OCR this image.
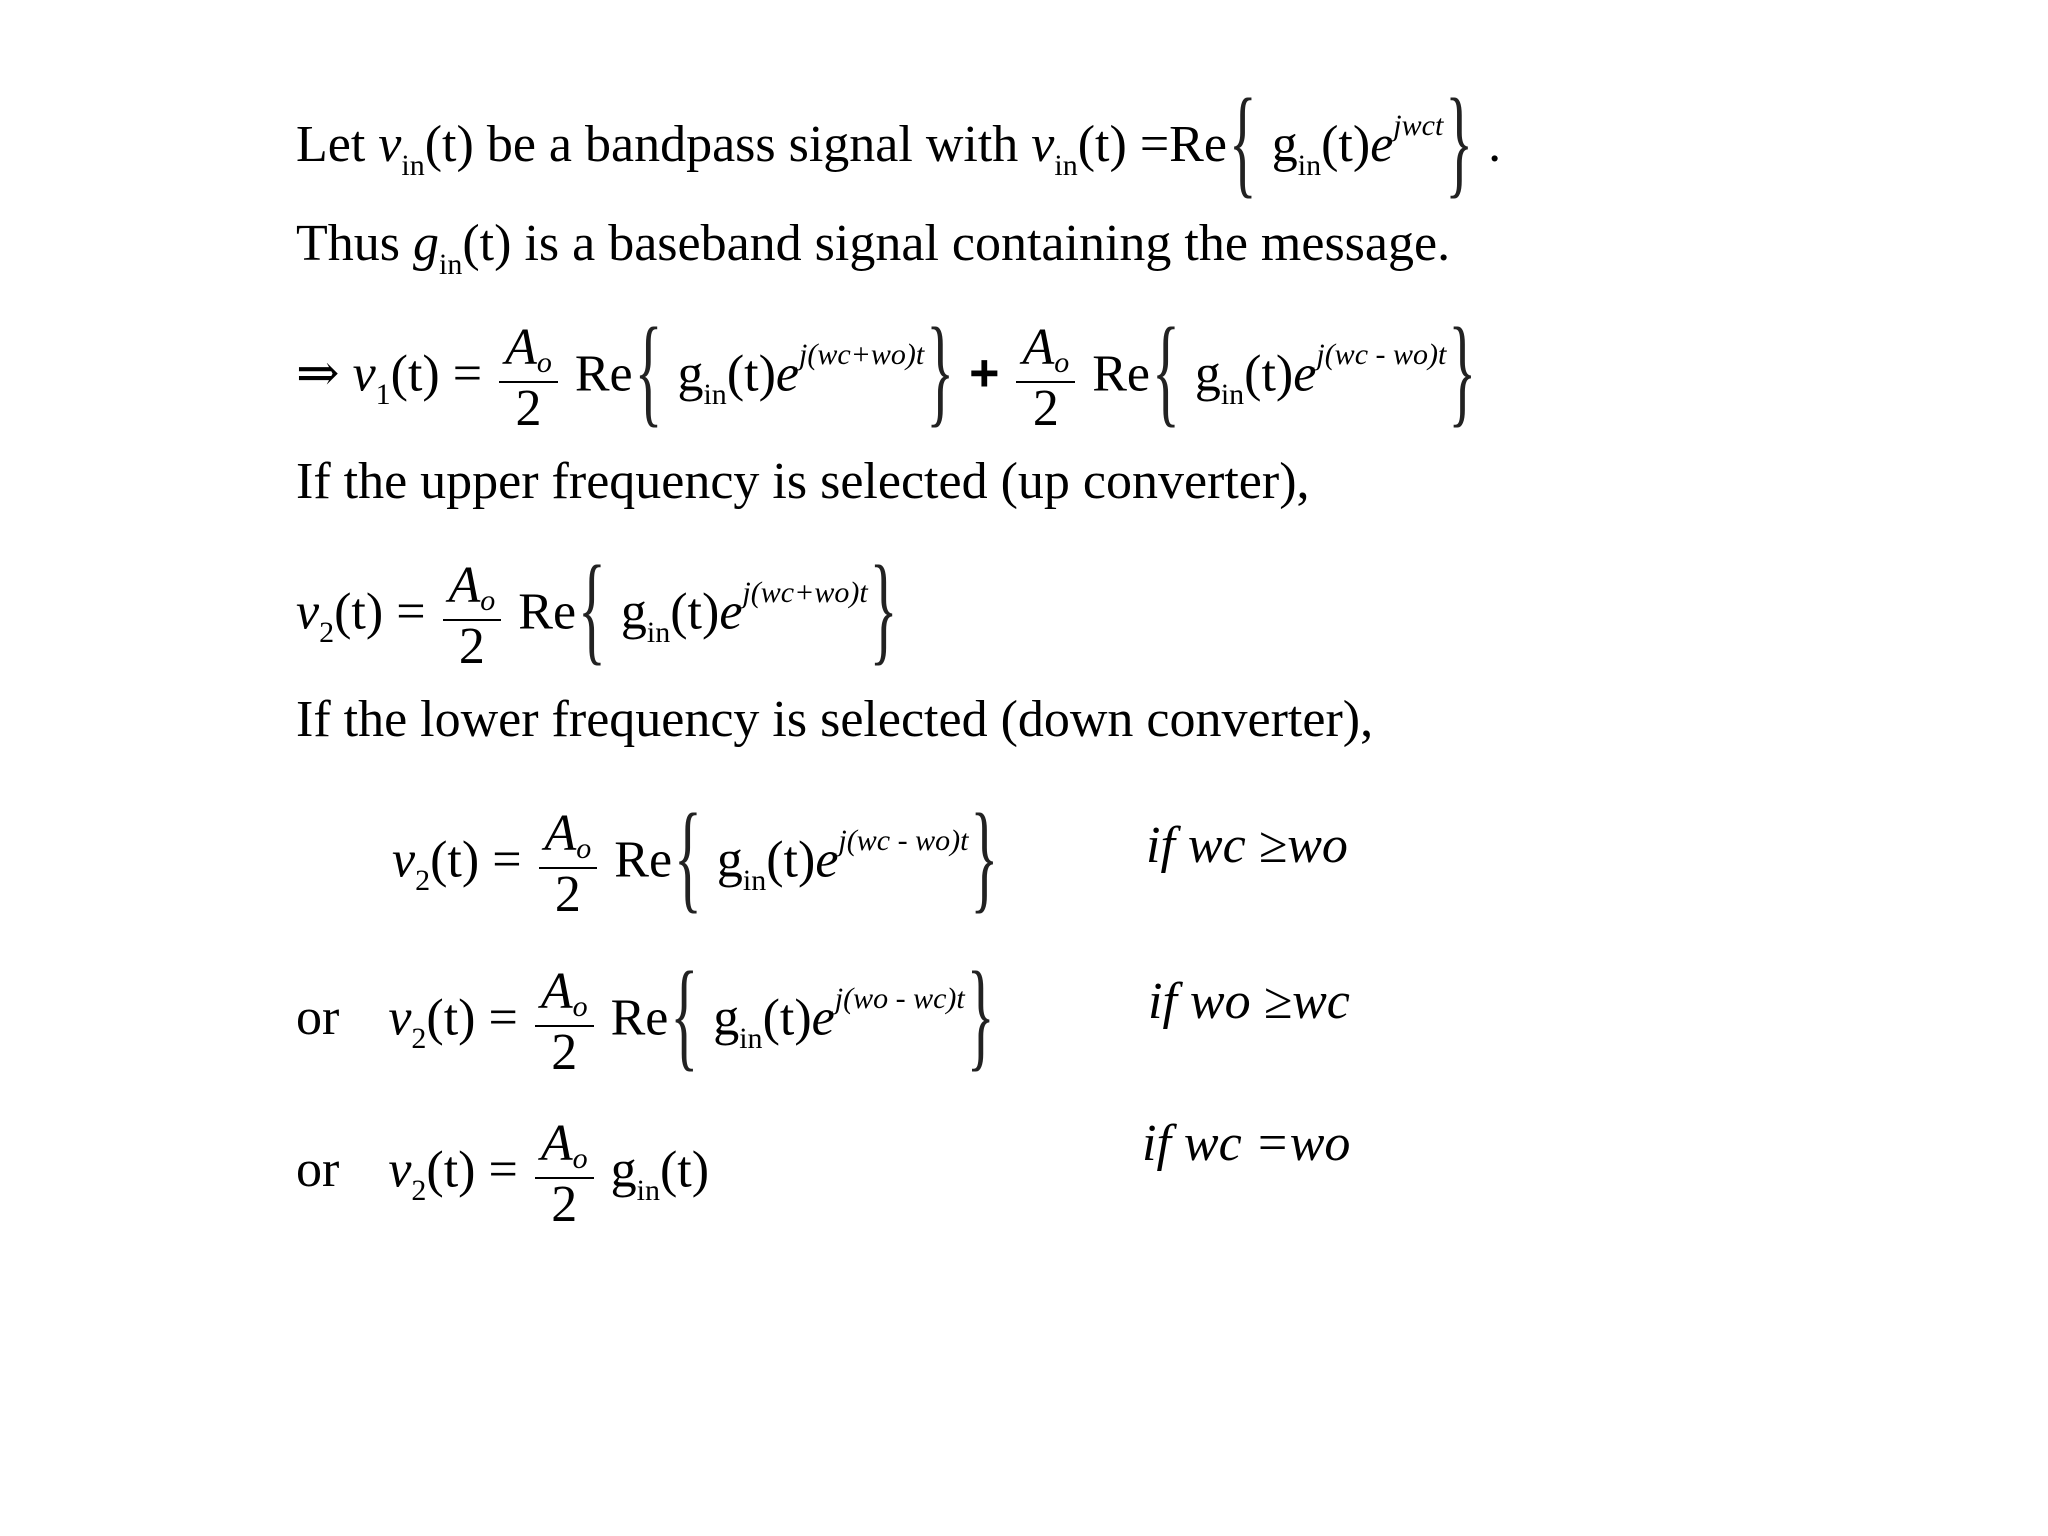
Let $v_{in}(t)$ be a bandpass signal with $v_{in}(t) =Re${ $g_{in}(t)e^{jwct}$} .
Thus $g_{in}(t)$ is a baseband signal containing the message.
⇒ $v_1(t) = \frac{Ao}{2} Re${ $g_{in}(t)e^{j(wc+wo)t}\} + \frac{Ao}{2} Re${ $g_{in}(t)e^{j(wc - wo)t}$}
If the upper frequency is selected (up converter),
$v_2(t) = \frac{Ao}{2} Re${ $g_{in}(t)e^{j(wc+wo)t}$}
If the lower frequency is selected (down converter),
$v_2(t) = \frac{Ao}{2} Re${ $g_{in}(t)e^{j(wc - wo)t}$}	if wc ≥wo
or $v_2(t) = \frac{Ao}{2} Re${ $g_{in}(t)e^{j(wo - wc)t}$}	if wo ≥wc
or $v_2(t) = \frac{Ao}{2} g_{in}(t)$	if wc =wo
